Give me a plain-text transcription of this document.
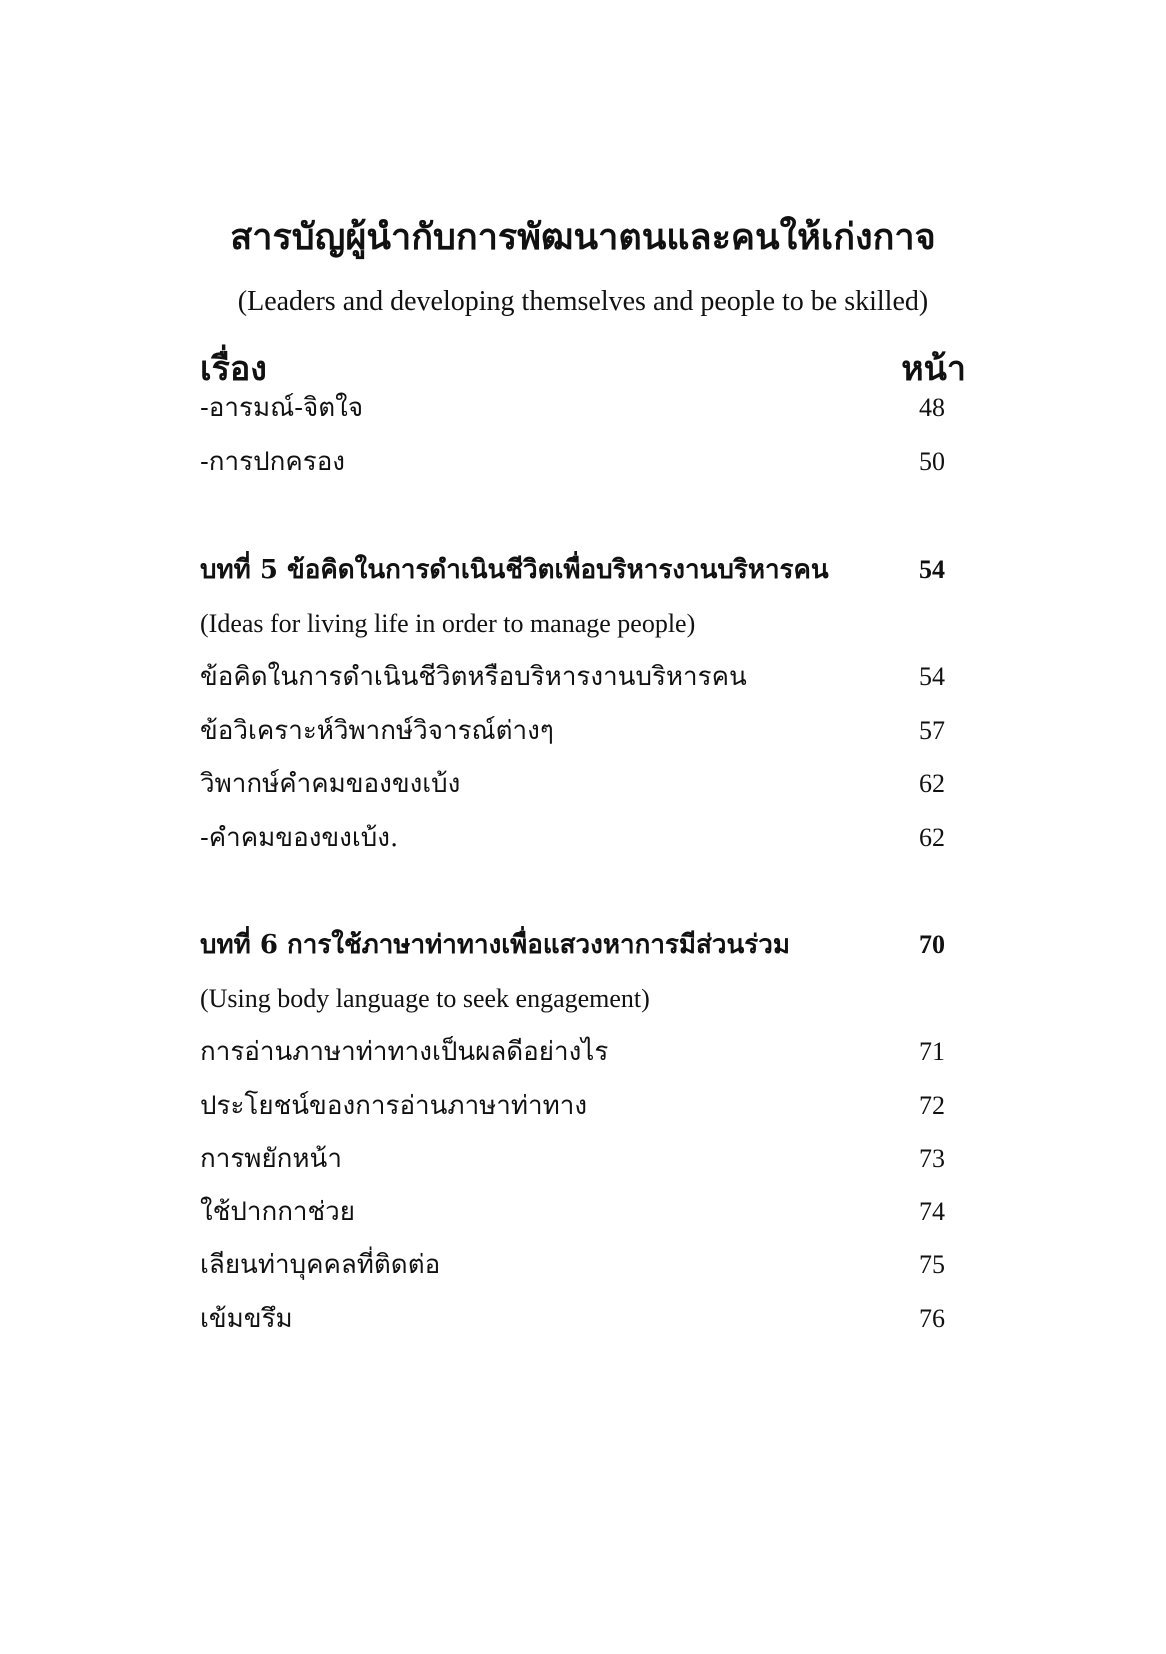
สารบัญผู้นำกับการพัฒนาตนและคนให้เก่งกาจ
(Leaders and developing themselves and people to be skilled)
เรื่อง	หน้า
-อารมณ์-จิตใจ	48
-การปกครอง	50
บทที่ 5 ข้อคิดในการดำเนินชีวิตเพื่อบริหารงานบริหารคน	54
(Ideas for living life in order to manage people)
ข้อคิดในการดำเนินชีวิตหรือบริหารงานบริหารคน	54
ข้อวิเคราะห์วิพากษ์วิจารณ์ต่างๆ	57
วิพากษ์คำคมของขงเบ้ง	62
-คำคมของขงเบ้ง.	62
บทที่ 6 การใช้ภาษาท่าทางเพื่อแสวงหาการมีส่วนร่วม	70
(Using body language to seek engagement)
การอ่านภาษาท่าทางเป็นผลดีอย่างไร	71
ประโยชน์ของการอ่านภาษาท่าทาง	72
การพยักหน้า	73
ใช้ปากกาช่วย	74
เลียนท่าบุคคลที่ติดต่อ	75
เข้มขรึม	76
